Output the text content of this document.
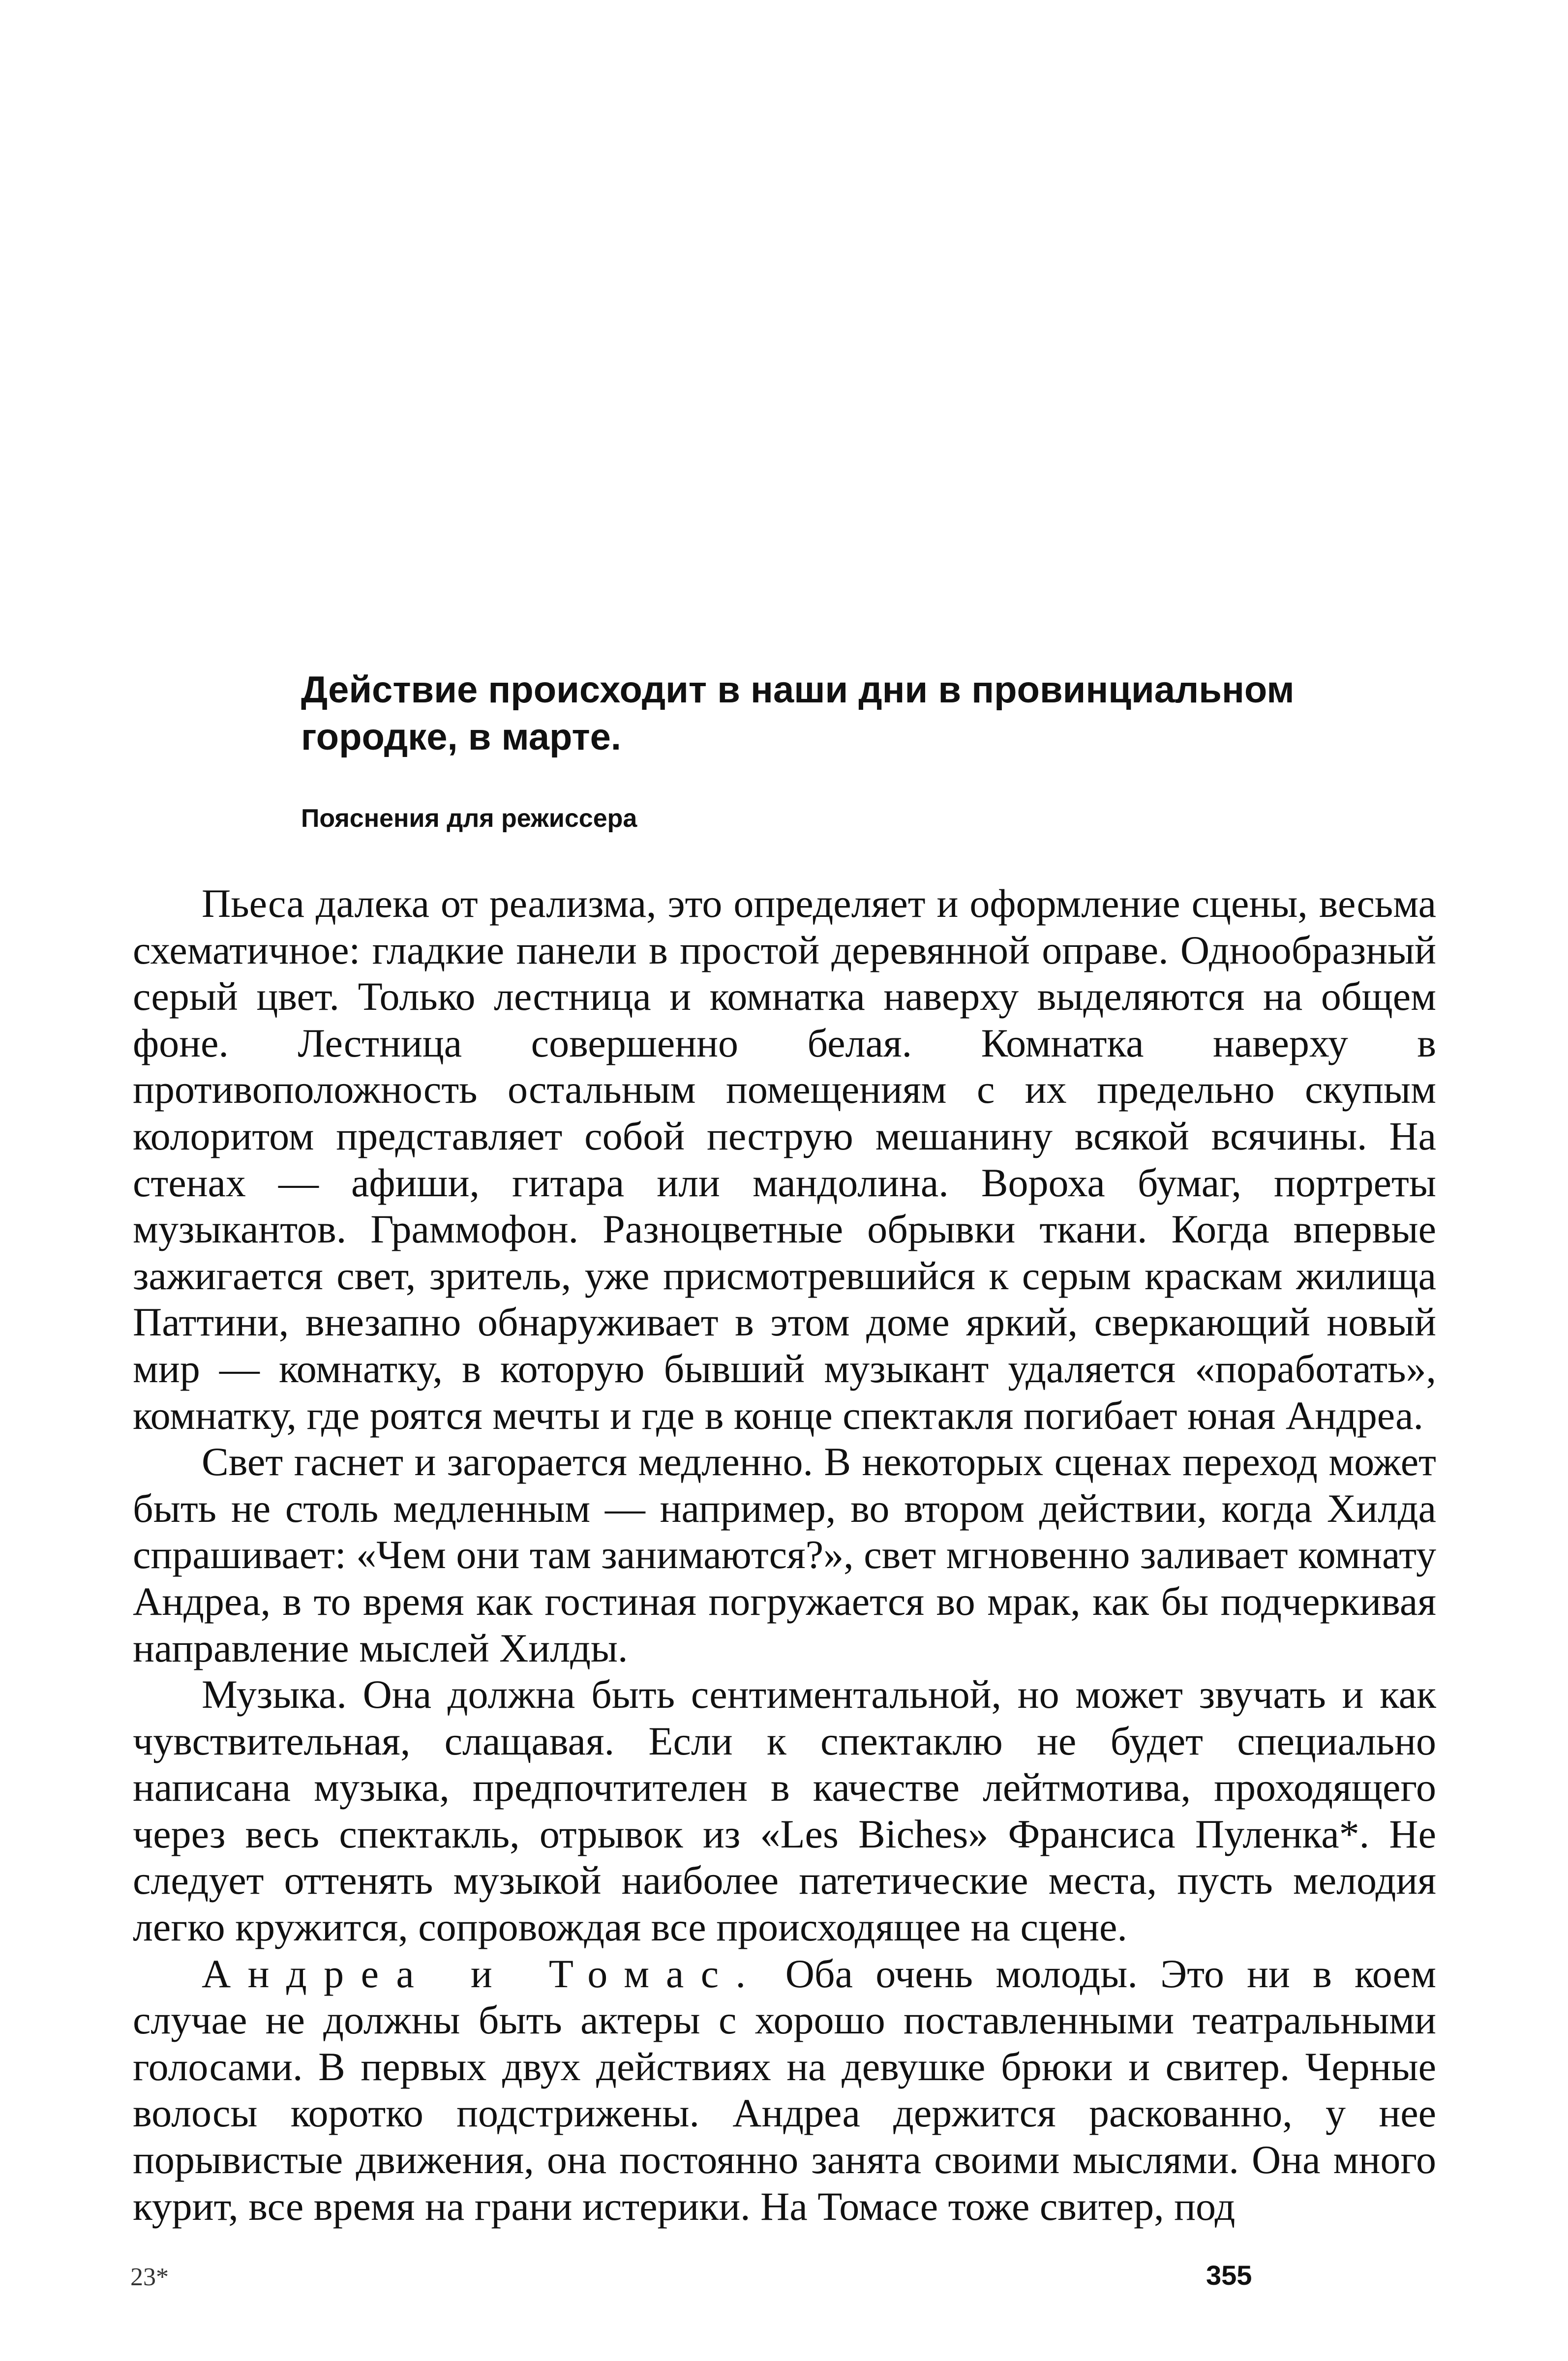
Действие происходит в наши дни в провинциальном городке, в марте.
Пояснения для режиссера

Пьеса далека от реализма, это определяет и оформление сцены, весьма схематичное: гладкие панели в простой деревянной оправе. Однообразный серый цвет. Только лестница и комнатка наверху выделяются на общем фоне. Лестница совершенно белая. Комнатка наверху в противоположность остальным помещениям с их предельно скупым колоритом представляет собой пеструю мешанину всякой всячины. На стенах — афиши, гитара или мандолина. Вороха бумаг, портреты музыкантов. Граммофон. Разноцветные обрывки ткани. Когда впервые зажигается свет, зритель, уже присмотревшийся к серым краскам жилища Паттини, внезапно обнаруживает в этом доме яркий, сверкающий новый мир — комнатку, в которую бывший музыкант удаляется «поработать», комнатку, где роятся мечты и где в конце спектакля погибает юная Андреа.

Свет гаснет и загорается медленно. В некоторых сценах переход может быть не столь медленным — например, во втором действии, когда Хилда спрашивает: «Чем они там занимаются?», свет мгновенно заливает комнату Андреа, в то время как гостиная погружается во мрак, как бы подчеркивая направление мыслей Хилды.

Музыка. Она должна быть сентиментальной, но может звучать и как чувствительная, слащавая. Если к спектаклю не будет специально написана музыка, предпочтителен в качестве лейтмотива, проходящего через весь спектакль, отрывок из «Les Biches» Франсиса Пуленка*. Не следует оттенять музыкой наиболее патетические места, пусть мелодия легко кружится, сопровождая все происходящее на сцене.

Андреа и Томас. Оба очень молоды. Это ни в коем случае не должны быть актеры с хорошо поставленными театральными голосами. В первых двух действиях на девушке брюки и свитер. Черные волосы коротко подстрижены. Андреа держится раскованно, у нее порывистые движения, она постоянно занята своими мыслями. Она много курит, все время на грани истерики. На Томасе тоже свитер, под

23*	355
